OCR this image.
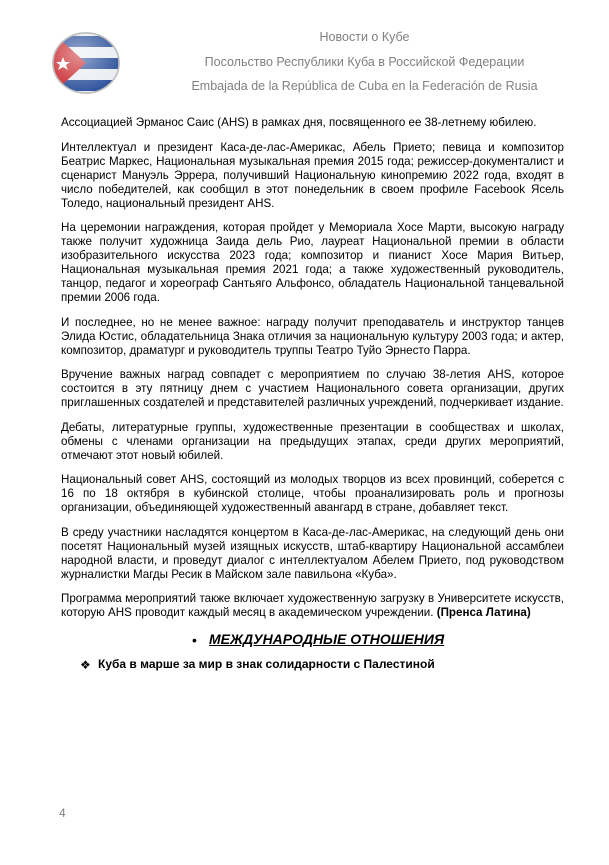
Новости о Кубе
Посольство Республики Куба в Российской Федерации
Embajada de la República de Cuba en la Federación de Rusia

Ассоциацией Эрманос Саис (AHS) в рамках дня, посвященного ее 38-летнему юбилею.

Интеллектуал и президент Каса-де-лас-Америкас, Абель Прието; певица и композитор Беатрис Маркес, Национальная музыкальная премия 2015 года; режиссер-документалист и сценарист Мануэль Эррера, получивший Национальную кинопремию 2022 года, входят в число победителей, как сообщил в этот понедельник в своем профиле Facebook Ясель Толедо, национальный президент AHS.

На церемонии награждения, которая пройдет у Мемориала Хосе Марти, высокую награду также получит художница Заида дель Рио, лауреат Национальной премии в области изобразительного искусства 2023 года; композитор и пианист Хосе Мария Витьер, Национальная музыкальная премия 2021 года; а также художественный руководитель, танцор, педагог и хореограф Сантьяго Альфонсо, обладатель Национальной танцевальной премии 2006 года.

И последнее, но не менее важное: награду получит преподаватель и инструктор танцев Элида Юстис, обладательница Знака отличия за национальную культуру 2003 года; и актер, композитор, драматург и руководитель труппы Театро Туйо Эрнесто Парра.

Вручение важных наград совпадет с мероприятием по случаю 38-летия AHS, которое состоится в эту пятницу днем с участием Национального совета организации, других приглашенных создателей и представителей различных учреждений, подчеркивает издание.

Дебаты, литературные группы, художественные презентации в сообществах и школах, обмены с членами организации на предыдущих этапах, среди других мероприятий, отмечают этот новый юбилей.

Национальный совет AHS, состоящий из молодых творцов из всех провинций, соберется с 16 по 18 октября в кубинской столице, чтобы проанализировать роль и прогнозы организации, объединяющей художественный авангард в стране, добавляет текст.

В среду участники насладятся концертом в Каса-де-лас-Америкас, на следующий день они посетят Национальный музей изящных искусств, штаб-квартиру Национальной ассамблеи народной власти, и проведут диалог с интеллектуалом Абелем Прието, под руководством журналистки Магды Ресик в Майском зале павильона «Куба».

Программа мероприятий также включает художественную загрузку в Университете искусств, которую AHS проводит каждый месяц в академическом учреждении. (Пренса Латина)

• МЕЖДУНАРОДНЫЕ ОТНОШЕНИЯ
❖ Куба в марше за мир в знак солидарности с Палестиной
4
